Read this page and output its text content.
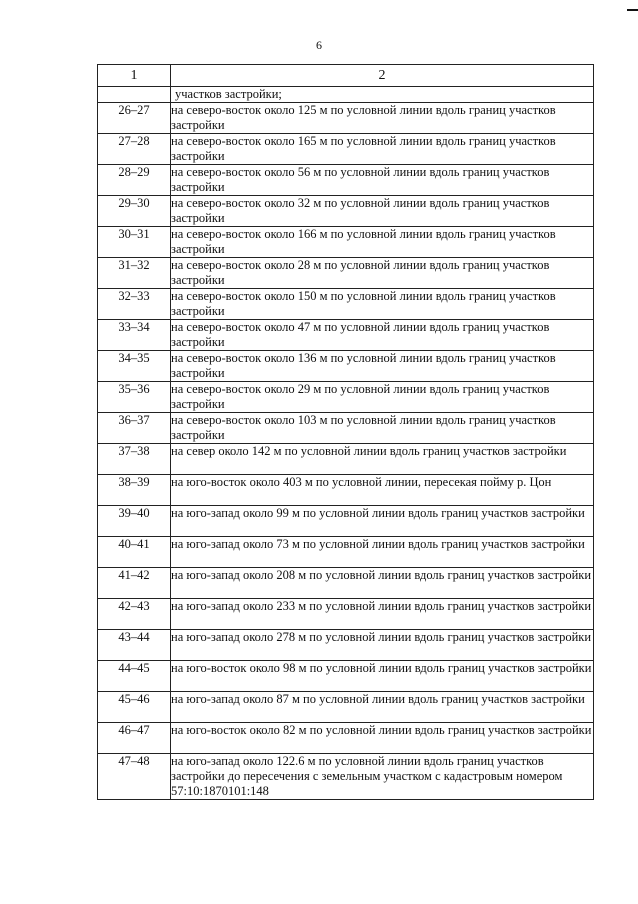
6
1	2
	участков застройки;
26–27	на северо-восток около 125 м по условной линии вдоль границ участков застройки
27–28	на северо-восток около 165 м по условной линии вдоль границ участков застройки
28–29	на северо-восток около 56 м по условной линии вдоль границ участков застройки
29–30	на северо-восток около 32 м по условной линии вдоль границ участков застройки
30–31	на северо-восток около 166 м по условной линии вдоль границ участков застройки
31–32	на северо-восток около 28 м по условной линии вдоль границ участков застройки
32–33	на северо-восток около 150 м по условной линии вдоль границ участков застройки
33–34	на северо-восток около 47 м по условной линии вдоль границ участков застройки
34–35	на северо-восток около 136 м по условной линии вдоль границ участков застройки
35–36	на северо-восток около 29 м по условной линии вдоль границ участков застройки
36–37	на северо-восток около 103 м по условной линии вдоль границ участков застройки
37–38	на север около 142 м по условной линии вдоль границ участков застройки
38–39	на юго-восток около 403 м по условной линии, пересекая пойму р. Цон
39–40	на юго-запад около 99 м по условной линии вдоль границ участков застройки
40–41	на юго-запад около 73 м по условной линии вдоль границ участков застройки
41–42	на юго-запад около 208 м по условной линии вдоль границ участков застройки
42–43	на юго-запад около 233 м по условной линии вдоль границ участков застройки
43–44	на юго-запад около 278 м по условной линии вдоль границ участков застройки
44–45	на юго-восток около 98 м по условной линии вдоль границ участков застройки
45–46	на юго-запад около 87 м по условной линии вдоль границ участков застройки
46–47	на юго-восток около 82 м по условной линии вдоль границ участков застройки
47–48	на юго-запад около 122.6 м по условной линии вдоль границ участков застройки до пересечения с земельным участком с кадастровым номером 57:10:1870101:148
